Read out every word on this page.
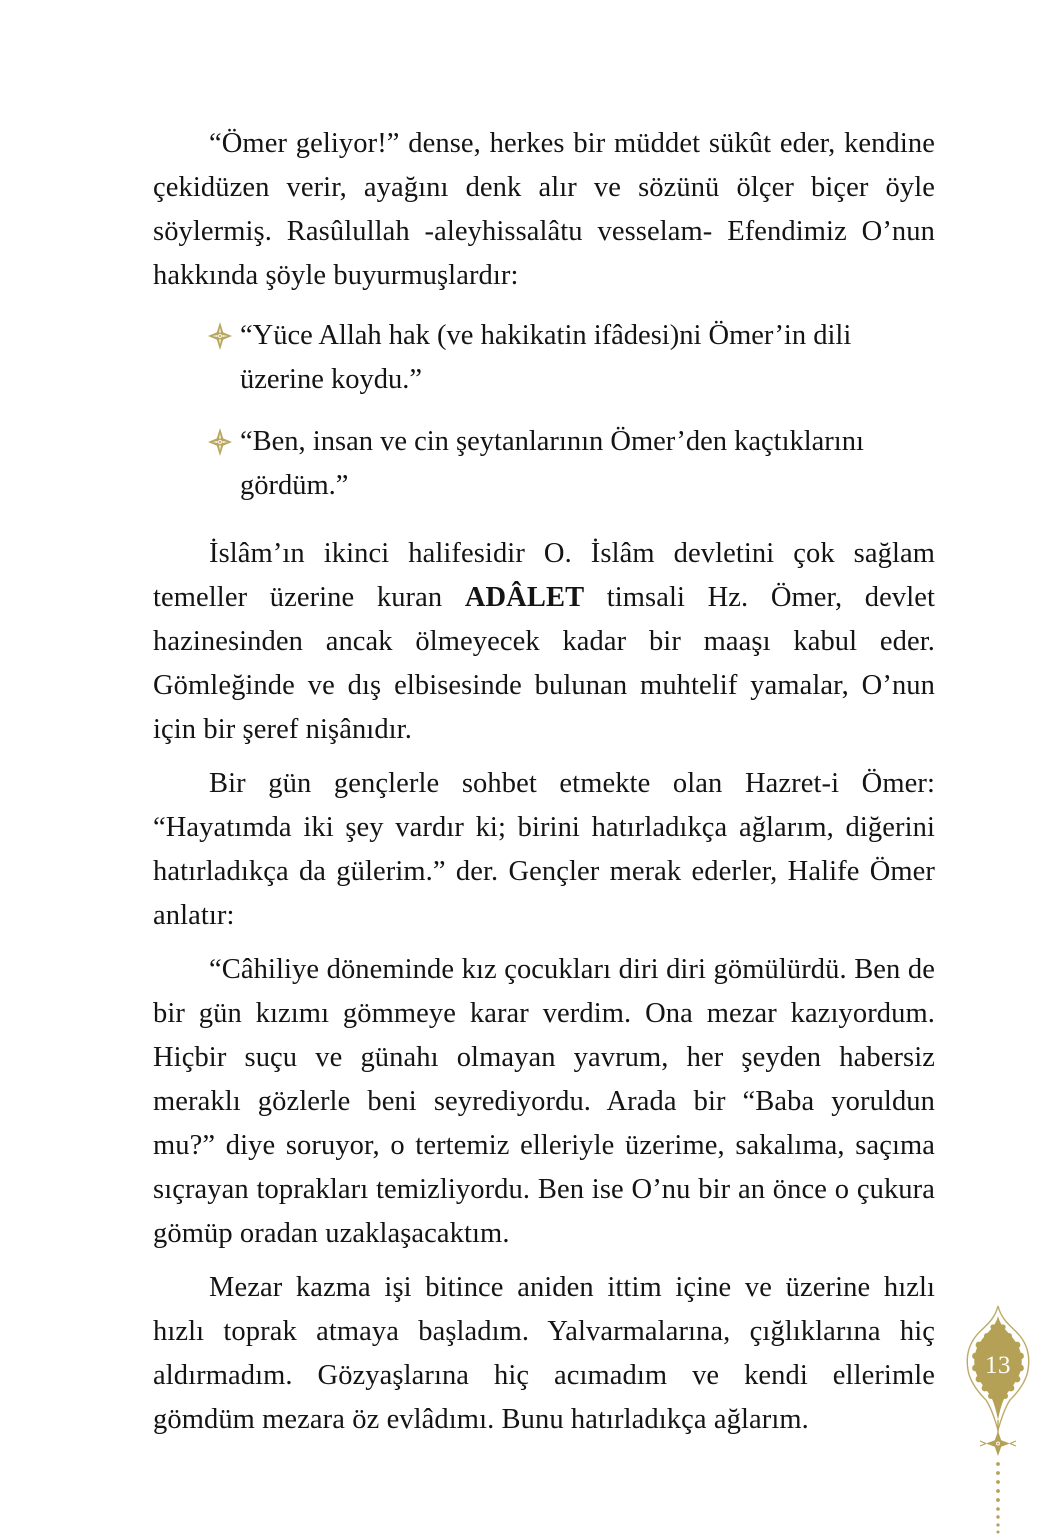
“Ömer geliyor!” dense, herkes bir müddet sükût eder, kendine çekidüzen verir, ayağını denk alır ve sözünü ölçer biçer öyle söylermiş. Rasûlullah -aleyhissalâtu vesselam- Efendimiz O’nun hakkında şöyle buyurmuşlardır:

“Yüce Allah hak (ve hakikatin ifâdesi)ni Ömer’in dili üzerine koydu.”
“Ben, insan ve cin şeytanlarının Ömer’den kaçtıklarını gördüm.”

İslâm’ın ikinci halifesidir O. İslâm devletini çok sağlam temeller üzerine kuran ADÂLET timsali Hz. Ömer, devlet hazinesinden ancak ölmeyecek kadar bir maaşı kabul eder. Gömleğinde ve dış elbisesinde bulunan muhtelif yamalar, O’nun için bir şeref nişânıdır.

Bir gün gençlerle sohbet etmekte olan Hazret-i Ömer: “Hayatımda iki şey vardır ki; birini hatırladıkça ağlarım, diğerini hatırladıkça da gülerim.” der. Gençler merak ederler, Halife Ömer anlatır:

“Câhiliye döneminde kız çocukları diri diri gömülürdü. Ben de bir gün kızımı gömmeye karar verdim. Ona mezar kazıyordum. Hiçbir suçu ve günahı olmayan yavrum, her şeyden habersiz meraklı gözlerle beni seyrediyordu. Arada bir “Baba yoruldun mu?” diye soruyor, o tertemiz elleriyle üzerime, sakalıma, saçıma sıçrayan toprakları temizliyordu. Ben ise O’nu bir an önce o çukura gömüp oradan uzaklaşacaktım.

Mezar kazma işi bitince aniden ittim içine ve üzerine hızlı hızlı toprak atmaya başladım. Yalvarmalarına, çığlıklarına hiç aldırmadım. Gözyaşlarına hiç acımadım ve kendi ellerimle gömdüm mezara öz evlâdımı. Bunu hatırladıkça ağlarım.

13
